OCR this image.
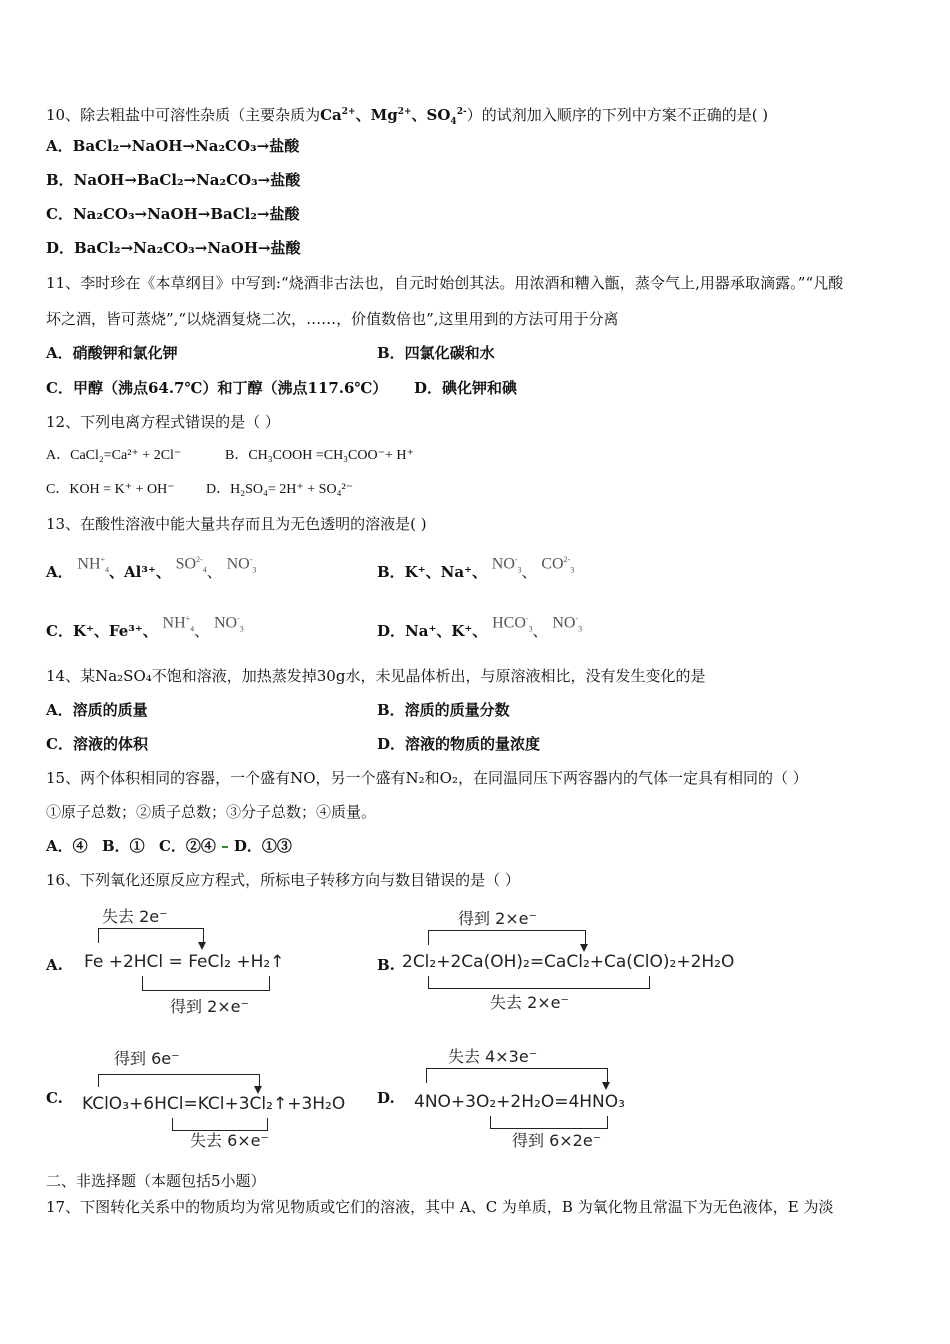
10、除去粗盐中可溶性杂质（主要杂质为$Ca^{2+}$、$Mg^{2+}$、$SO_4^{2-}$）的试剂加入顺序的下列中方案不正确的是( )
A．BaCl₂→NaOH→Na₂CO₃→盐酸
B．NaOH→BaCl₂→Na₂CO₃→盐酸
C．Na₂CO₃→NaOH→BaCl₂→盐酸
D．BaCl₂→Na₂CO₃→NaOH→盐酸
11、李时珍在《本草纲目》中写到:“烧酒非古法也，自元时始创其法。用浓酒和糟入甑，蒸令气上,用器承取滴露。”“凡酸
坏之酒，皆可蒸烧”,“以烧酒复烧二次，……，价值数倍也”,这里用到的方法可用于分离
A．硝酸钾和氯化钾	B．四氯化碳和水
C．甲醇（沸点64.7℃）和丁醇（沸点117.6℃） D．碘化钾和碘
12、下列电离方程式错误的是（ ）
A．CaCl₂=Ca²⁺ + 2Cl⁻	B．CH₃COOH =CH₃COO⁻+ H⁺
C．KOH = K⁺ + OH⁻ D．H₂SO₄= 2H⁺ + SO₄²⁻
13、在酸性溶液中能大量共存而且为无色透明的溶液是( )
A． $NH^+_4$、Al³⁺、 $SO^{2-}_4$、 $NO^-_3$	B．K⁺、Na⁺、 $NO^-_3$、 $CO^{2-}_3$
C．K⁺、Fe³⁺、 $NH^+_4$、 $NO^-_3$	D．Na⁺、K⁺、 $HCO^-_3$、 $NO^-_3$
14、某Na₂SO₄不饱和溶液，加热蒸发掉30g水，未见晶体析出，与原溶液相比，没有发生变化的是
A．溶质的质量	B．溶质的质量分数
C．溶液的体积	D．溶液的物质的量浓度
15、两个体积相同的容器，一个盛有NO，另一个盛有N₂和O₂，在同温同压下两容器内的气体一定具有相同的（ ）
①原子总数；②质子总数；③分子总数；④质量。
A．④ B．① C．②④ D．①③
16、下列氧化还原反应方程式，所标电子转移方向与数目错误的是（ ）
A.
失去 2e⁻
Fe +2HCl = FeCl₂ +H₂↑
得到 2×e⁻
B.
得到 2×e⁻
2Cl₂+2Ca(OH)₂=CaCl₂+Ca(ClO)₂+2H₂O
失去 2×e⁻
C.
得到 6e⁻
KClO₃+6HCl=KCl+3Cl₂↑+3H₂O
失去 6×e⁻
D.
失去 4×3e⁻
4NO+3O₂+2H₂O=4HNO₃
得到 6×2e⁻
二、非选择题（本题包括5小题）
17、下图转化关系中的物质均为常见物质或它们的溶液，其中 A、C 为单质，B 为氧化物且常温下为无色液体，E 为淡
